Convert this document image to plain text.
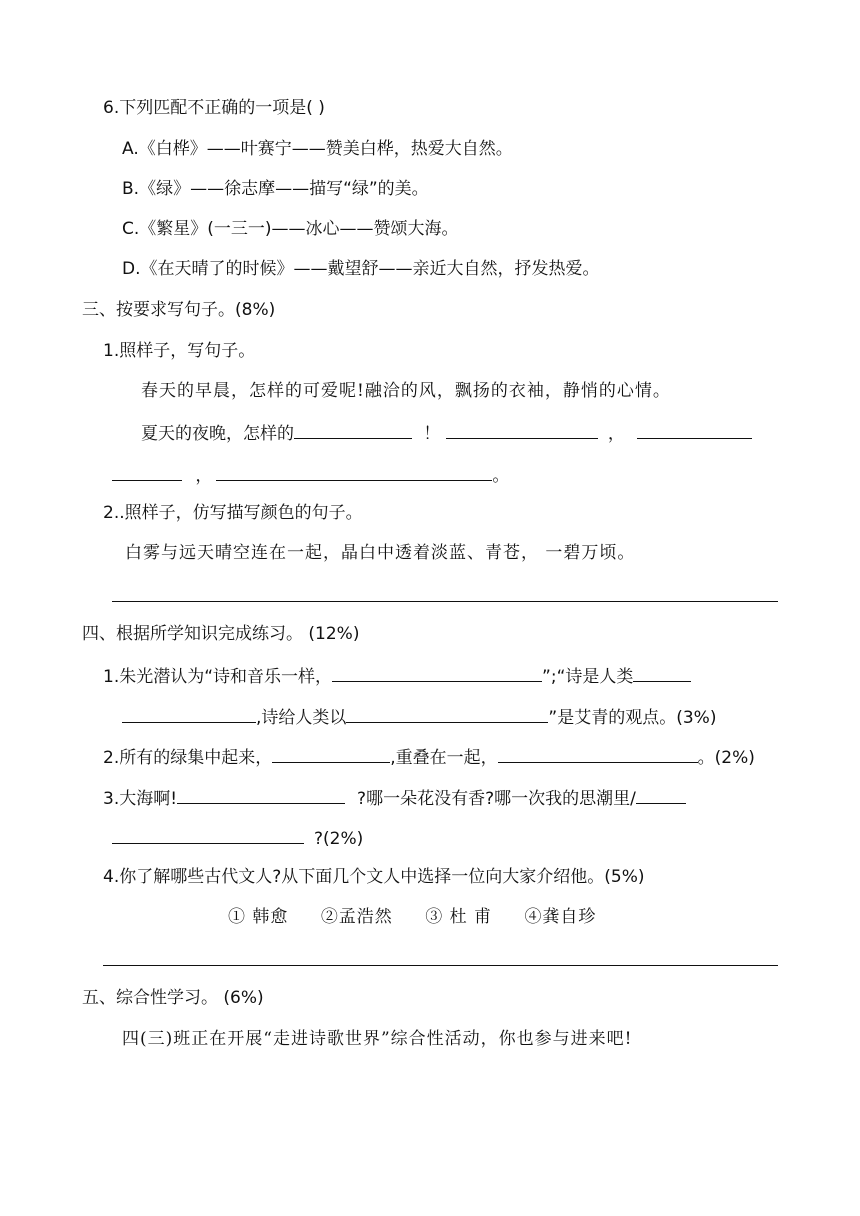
6.下列匹配不正确的一项是( )
A.《白桦》——叶赛宁——赞美白桦，热爱大自然。
B.《绿》——徐志摩——描写“绿”的美。
C.《繁星》(一三一)——冰心——赞颂大海。
D.《在天晴了的时候》——戴望舒——亲近大自然，抒发热爱。
三、按要求写句子。(8%)
1.照样子，写句子。
春天的早晨，怎样的可爱呢!融洽的风，飘扬的衣袖，静悄的心情。
夏天的夜晚，怎样的	！	，
，	。
2..照样子，仿写描写颜色的句子。
白雾与远天晴空连在一起，晶白中透着淡蓝、青苍， 一碧万顷。
四、根据所学知识完成练习。 (12%)
1.朱光潜认为“诗和音乐一样，	”;“诗是人类
,诗给人类以	”是艾青的观点。(3%)
2.所有的绿集中起来，	,重叠在一起，	。(2%)
3.大海啊!	?哪一朵花没有香?哪一次我的思潮里/
?(2%)
4.你了解哪些古代文人?从下面几个文人中选择一位向大家介绍他。(5%)
① 韩愈 ②孟浩然 ③ 杜 甫 ④龚自珍
五、综合性学习。 (6%)
四(三)班正在开展“走进诗歌世界”综合性活动，你也参与进来吧!
